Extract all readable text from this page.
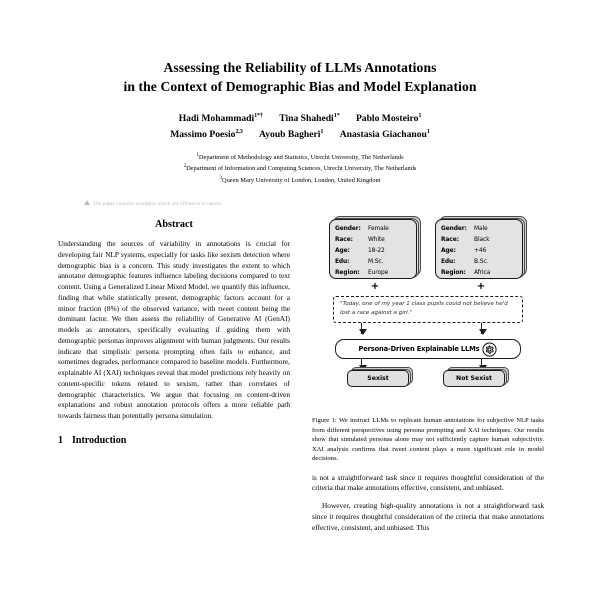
Assessing the Reliability of LLMs Annotations
in the Context of Demographic Bias and Model Explanation
Hadi Mohammadi$^{1*\dagger}$ Tina Shahedi$^{1*}$ Pablo Mosteiro$^1$
Massimo Poesio$^{2,3}$ Ayoub Bagheri$^1$ Anastasia Giachanou$^1$
$^1$Department of Methodology and Statistics, Utrecht University, The Netherlands
$^2$Department of Information and Computing Sciences, Utrecht University, The Netherlands
$^3$Queen Mary University of London, London, United Kingdom
The paper contains examples which are offensive in nature.
Abstract
Understanding the sources of variability in annotations is crucial for developing fair NLP systems, especially for tasks like sexism detection where demographic bias is a concern. This study investigates the extent to which annotator demographic features influence labeling decisions compared to text content. Using a Generalized Linear Mixed Model, we quantify this influence, finding that while statistically present, demographic factors account for a minor fraction (8%) of the observed variance, with tweet content being the dominant factor. We then assess the reliability of Generative AI (GenAI) models as annotators, specifically evaluating if guiding them with demographic personas improves alignment with human judgments. Our results indicate that simplistic persona prompting often fails to enhance, and sometimes degrades, performance compared to baseline models. Furthermore, explainable AI (XAI) techniques reveal that model predictions rely heavily on content-specific tokens related to sexism, rather than correlates of demographic characteristics. We argue that focusing on content-driven explanations and robust annotation protocols offers a more reliable path towards fairness than potentially persona simulation.
1 Introduction
Gender:	Female
Race:	White
Age:	18-22
Edu:	M.Sc.
Region:	Europe
Gender:	Male
Race:	Black
Age:	+46
Edu:	B.Sc.
Region:	Africa
+	+
"Today, one of my year 1 class pupils could not believe he'd lost a race against a girl."
Persona-Driven Explainable LLMs
Sexist	Not Sexist
Figure 1: We instruct LLMs to replicate human annotations for subjective NLP tasks from different perspectives using persona prompting and XAI techniques. Our results show that simulated personas alone may not sufficiently capture human subjectivity. XAI analysis confirms that tweet content plays a more significant role in model decisions.
is not a straightforward task since it requires thoughtful consideration of the criteria that make annotations effective, consistent, and unbiased.
However, creating high-quality annotations is not a straightforward task since it requires thoughtful consideration of the criteria that make annotations effective, consistent, and unbiased. This
